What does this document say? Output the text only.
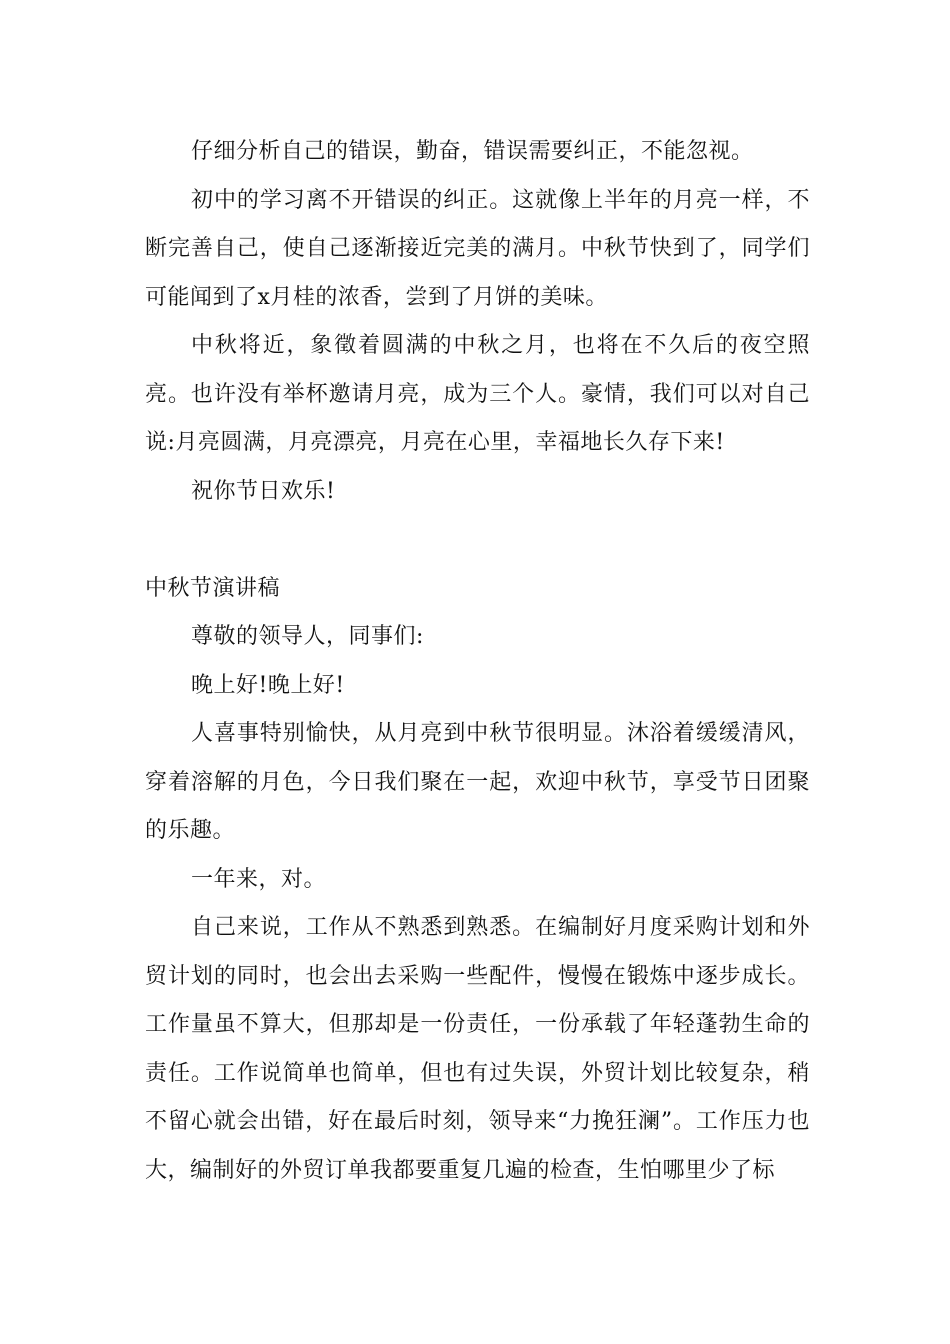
仔细分析自己的错误，勤奋，错误需要纠正，不能忽视。

初中的学习离不开错误的纠正。这就像上半年的月亮一样，不断完善自己，使自己逐渐接近完美的满月。中秋节快到了，同学们可能闻到了x月桂的浓香，尝到了月饼的美味。

中秋将近，象徵着圆满的中秋之月，也将在不久后的夜空照亮。也许没有举杯邀请月亮，成为三个人。豪情，我们可以对自己说:月亮圆满，月亮漂亮，月亮在心里，幸福地长久存下来!

祝你节日欢乐!

中秋节演讲稿

尊敬的领导人，同事们:

晚上好!晚上好!

人喜事特别愉快，从月亮到中秋节很明显。沐浴着缓缓清风，穿着溶解的月色，今日我们聚在一起，欢迎中秋节，享受节日团聚的乐趣。

一年来，对。

自己来说，工作从不熟悉到熟悉。在编制好月度采购计划和外贸计划的同时，也会出去采购一些配件，慢慢在锻炼中逐步成长。工作量虽不算大，但那却是一份责任，一份承载了年轻蓬勃生命的责任。工作说简单也简单，但也有过失误，外贸计划比较复杂，稍不留心就会出错，好在最后时刻，领导来“力挽狂澜”。工作压力也大，编制好的外贸订单我都要重复几遍的检查，生怕哪里少了标
